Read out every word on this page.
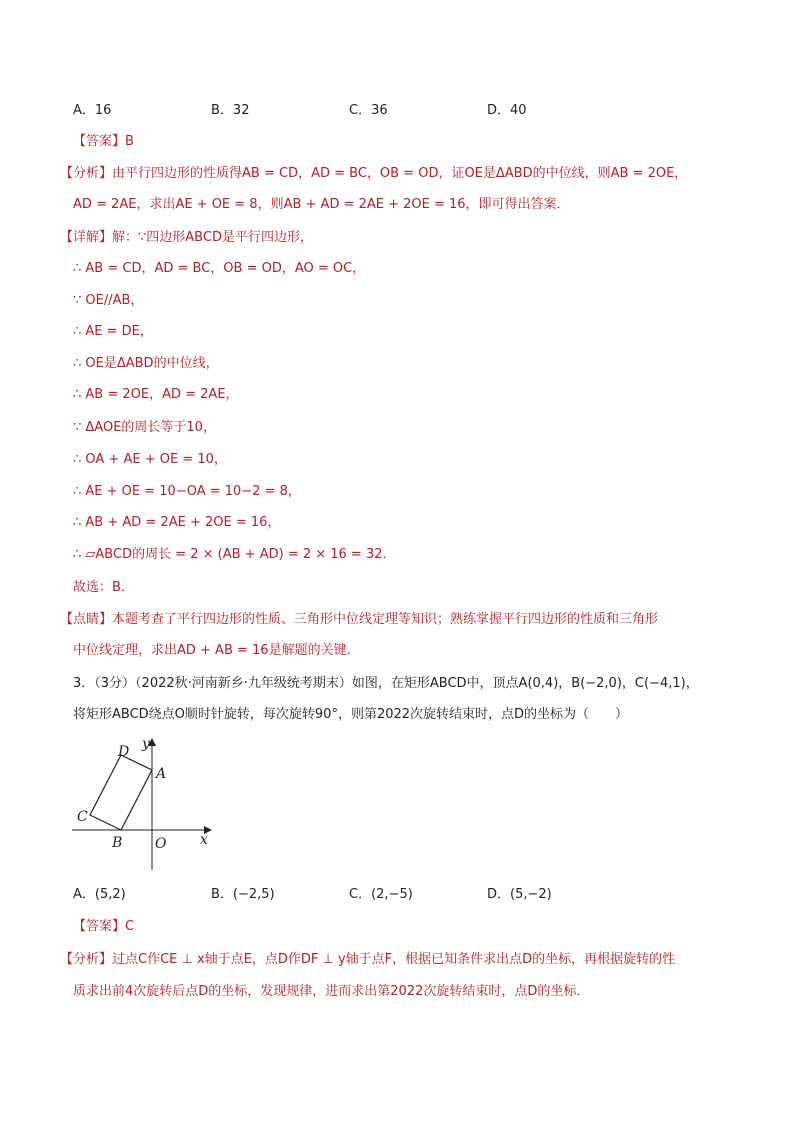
A．16	B．32	C．36	D．40
【答案】B
【分析】由平行四边形的性质得AB = CD，AD = BC，OB = OD，证OE是ΔABD的中位线，则AB = 2OE，
AD = 2AE，求出AE + OE = 8，则AB + AD = 2AE + 2OE = 16，即可得出答案．
【详解】解：∵四边形ABCD是平行四边形，
∴ AB = CD，AD = BC，OB = OD，AO = OC，
∵ OE//AB，
∴ AE = DE，
∴ OE是ΔABD的中位线，
∴ AB = 2OE，AD = 2AE，
∵ ΔAOE的周长等于10，
∴ OA + AE + OE = 10，
∴ AE + OE = 10−OA = 10−2 = 8，
∴ AB + AD = 2AE + 2OE = 16，
∴ ▱ABCD的周长 = 2 × (AB + AD) = 2 × 16 = 32．
故选：B．
【点睛】本题考查了平行四边形的性质、三角形中位线定理等知识；熟练掌握平行四边形的性质和三角形
中位线定理，求出AD + AB = 16是解题的关键．
3．（3分）（2022秋·河南新乡·九年级统考期末）如图，在矩形ABCD中，顶点A(0,4)，B(−2,0)，C(−4,1)，
将矩形ABCD绕点O顺时针旋转，每次旋转90°，则第2022次旋转结束时，点D的坐标为（　　）
D
A
C
B O x
y
A．(5,2)	B．(−2,5)	C．(2,−5)	D．(5,−2)
【答案】C
【分析】过点C作CE ⊥ x轴于点E，点D作DF ⊥ y轴于点F，根据已知条件求出点D的坐标，再根据旋转的性
质求出前4次旋转后点D的坐标，发现规律，进而求出第2022次旋转结束时，点D的坐标．
